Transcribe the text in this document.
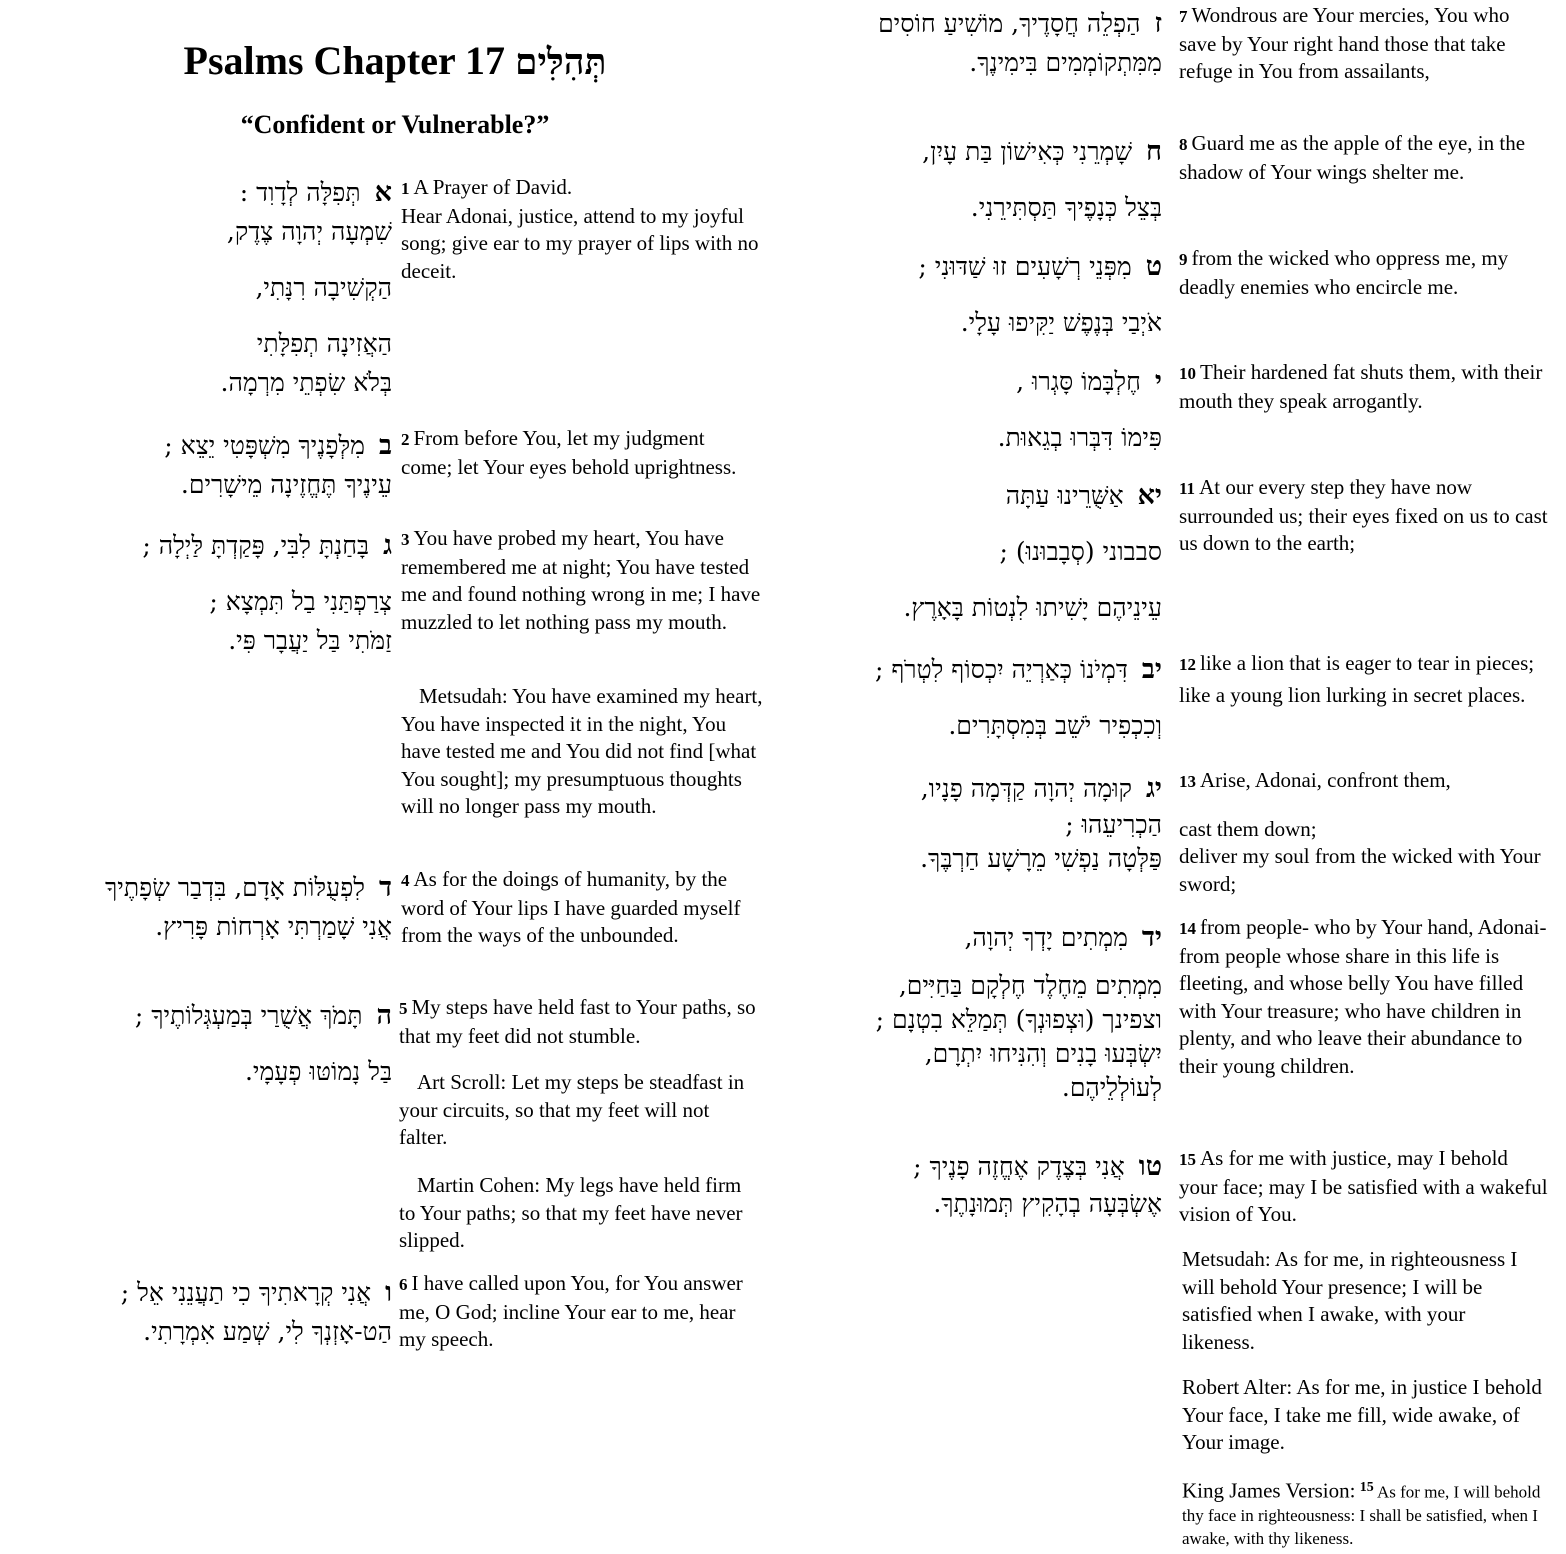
Psalms Chapter 17 תְּהִלִּים
“Confident or Vulnerable?”
אתְּפִלָּה לְדָוִד :
שִׁמְעָה יְהוָה צֶדֶק,
הַקְשִׁיבָה רִנָּתִי,
הַאֲזִינָה תְפִלָּתִי
בְּלֹא שִׂפְתֵי מִרְמָה.
1 A Prayer of David.
Hear Adonai, justice, attend to my joyful song; give ear to my prayer of lips with no deceit.
במִלְּפָנֶיךָ מִשְׁפָּטִי יֵצֵא ;
עֵינֶיךָ תֶּחֱזֶינָה מֵישָׁרִים.
2 From before You, let my judgment come; let Your eyes behold uprightness.
גבָּחַנְתָּ לִבִּי, פָּקַדְתָּ לַּיְלָה ;
צְרַפְתַּנִי בַל תִּמְצָא ;
זַמֹּתִי בַּל יַעֲבָר פִּי.
3 You have probed my heart, You have remembered me at night; You have tested me and found nothing wrong in me; I have muzzled to let nothing pass my mouth.
Metsudah: You have examined my heart, You have inspected it in the night, You have tested me and You did not find [what You sought]; my presumptuous thoughts will no longer pass my mouth.
דלִפְעֻלּוֹת אָדָם, בִּדְבַר שְׂפָתֶיךָ
אֲנִי שָׁמַרְתִּי אָרְחוֹת פָּרִיץ.
4 As for the doings of humanity, by the word of Your lips I have guarded myself from the ways of the unbounded.
התָּמֹךְ אֲשֻׁרַי בְּמַעְגְּלוֹתֶיךָ ;
בַּל נָמוֹטּוּ פְעָמָי.
5 My steps have held fast to Your paths, so that my feet did not stumble.
Art Scroll: Let my steps be steadfast in your circuits, so that my feet will not falter.
Martin Cohen: My legs have held firm to Your paths; so that my feet have never slipped.
ואֲנִי קְרָאתִיךָ כִי תַעֲנֵנִי אֵל ;
הַט-אָזְנְךָ לִי, שְׁמַע אִמְרָתִי.
6 I have called upon You, for You answer me, O God; incline Your ear to me, hear my speech.
זהַפְלֵה חֲסָדֶיךָ, מוֹשִׁיעַ חוֹסִים
מִמִּתְקוֹמְמִים בִּימִינֶךָ.
7 Wondrous are Your mercies, You who save by Your right hand those that take refuge in You from assailants,
חשָׁמְרֵנִי כְּאִישׁוֹן בַּת עָיִן,
בְּצֵל כְּנָפֶיךָ תַּסְתִּירֵנִי.
8 Guard me as the apple of the eye, in the shadow of Your wings shelter me.
טמִפְּנֵי רְשָׁעִים זוּ שַׁדּוּנִי ;
אֹיְבַי בְּנֶפֶשׁ יַקִּיפוּ עָלָי.
9 from the wicked who oppress me, my deadly enemies who encircle me.
יחֶלְבָּמוֹ סָּגְרוּ ,
פִּימוֹ דִּבְּרוּ בְגֵאוּת.
10 Their hardened fat shuts them, with their mouth they speak arrogantly.
יאאַשֻּׁרֵינוּ עַתָּה
סבבוני (סְבָבוּנוּ) ;
עֵינֵיהֶם יָשִׁיתוּ לִנְטוֹת בָּאָרֶץ.
11 At our every step they have now surrounded us; their eyes fixed on us to cast us down to the earth;
יבדִּמְיֹנוֹ כְּאַרְיֵה יִכְסוֹף לִטְרֹף ;
וְכִכְפִיר יֹשֵׁב בְּמִסְתָּרִים.
12 like a lion that is eager to tear in pieces; like a young lion lurking in secret places.
יגקוּמָה יְהוָה קַדְּמָה פָנָיו,
הַכְרִיעֵהוּ ;
פַּלְּטָה נַפְשִׁי מֵרָשָׁע חַרְבֶּךָ.
13 Arise, Adonai, confront them,
cast them down;
deliver my soul from the wicked with Your sword;
ידמִמְתִים יָדְךָ יְהוָה,
מִמְתִים מֵחֶלֶד חֶלְקָם בַּחַיִּים,
וצפינך (וּצְפוּנְךָ) תְּמַלֵּא בִטְנָם ;
יִשְׂבְּעוּ בָנִים וְהִנִּיחוּ יִתְרָם,
לְעוֹלְלֵיהֶם.
14 from people- who by Your hand, Adonai- from people whose share in this life is fleeting, and whose belly You have filled with Your treasure; who have children in plenty, and who leave their abundance to their young children.
טואֲנִי בְּצֶדֶק אֶחֱזֶה פָנֶיךָ ;
אֶשְׂבְּעָה בְהָקִיץ תְּמוּנָתֶךָ.
15 As for me with justice, may I behold your face; may I be satisfied with a wakeful vision of You.
Metsudah: As for me, in righteousness I will behold Your presence; I will be satisfied when I awake, with your likeness.
Robert Alter: As for me, in justice I behold Your face, I take me fill, wide awake, of Your image.
King James Version: $^{15}$ As for me, I will behold thy face in righteousness: I shall be satisfied, when I awake, with thy likeness.
